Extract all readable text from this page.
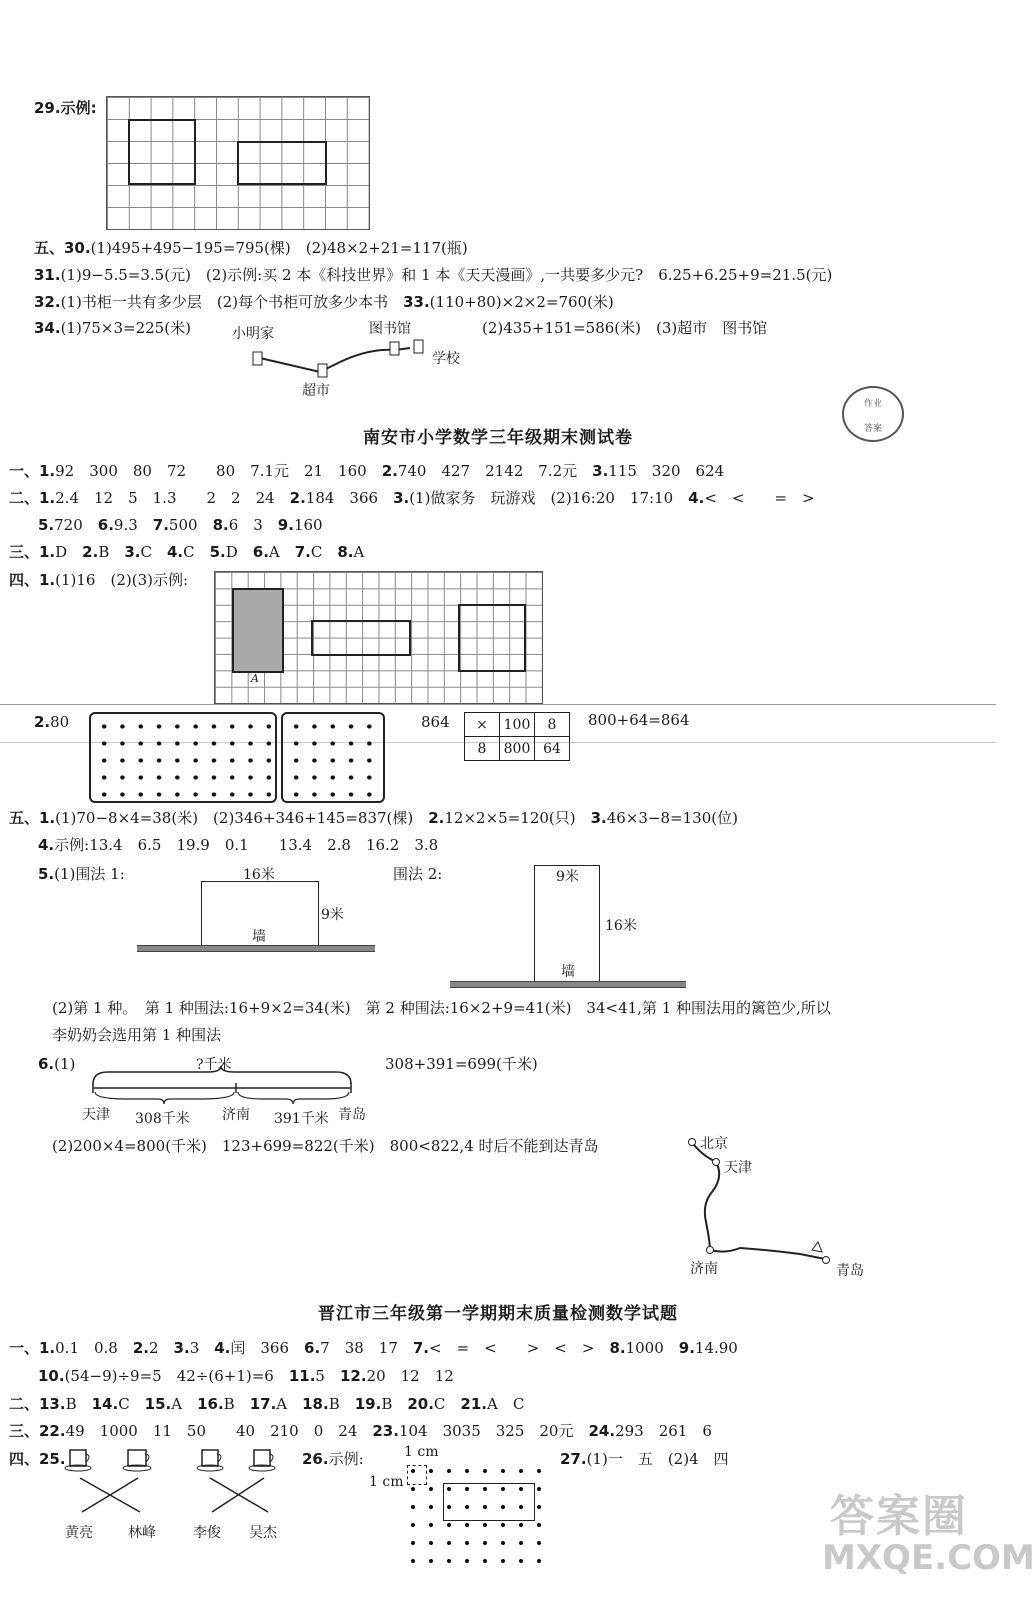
29.示例:
五、30.(1)495+495−195=795(棵)　(2)48×2+21=117(瓶)
31.(1)9−5.5=3.5(元)　(2)示例:买 2 本《科技世界》和 1 本《天天漫画》,一共要多少元?　6.25+6.25+9=21.5(元)
32.(1)书柜一共有多少层　(2)每个书柜可放多少本书　 33.(110+80)×2×2=760(米)
34.(1)75×3=225(米)	(2)435+151=586(米)　(3)超市　图书馆
小明家	图书馆
学校
超市
作业
答案
南安市小学数学三年级期末测试卷
一、1.92　300　80　72　　80　7.1元　21　160　2.740　427　2142　7.2元　3.115　320　624
二、1.2.4　12　5　1.3　　2　2　24　2.184　366　3.(1)做家务　玩游戏　(2)16:20　17:10　4.<　<　　=　>
5.720　6.9.3　7.500　8.6　3　9.160
三、1.D　2.B　3.C　4.C　5.D　6.A　7.C　8.A
四、1.(1)16　(2)(3)示例:
A
2.80	864 ×	100	8
8	800	64
800+64=864
五、1.(1)70−8×4=38(米)　(2)346+346+145=837(棵)　2.12×2×5=120(只)　3.46×3−8=130(位)
4.示例:13.4　6.5　19.9　0.1　　13.4　2.8　16.2　3.8
5.(1)围法 1:	围法 2:
16米
9米
墙
9米
16米
墙
(2)第 1 种。　第 1 种围法:16+9×2=34(米)　第 2 种围法:16×2+9=41(米)　34<41,第 1 种围法用的篱笆少,所以
李奶奶会选用第 1 种围法
6.(1)	308+391=699(千米)
?千米
天津 308千米 济南 391千米 青岛
(2)200×4=800(千米)　123+699=822(千米)　800<822,4 时后不能到达青岛	北京
天津
济南	青岛
晋江市三年级第一学期期末质量检测数学试题
一、1.0.1　0.8　2.2　3.3　4.闰　366　6.7　38　17　7.<　=　<　　>　<　>　8.1000　9.14.90
10.(54−9)÷9=5　42÷(6+1)=6　11.5　12.20　12　12
二、13.B　14.C　15.A　16.B　17.A　18.B　19.B　20.C　21.A　C
三、22.49　1000　11　50　　40　210　0　24　23.104　3035　325　20元　24.293　261　6
四、25.
黄亮	林峰	李俊 吴杰
26.示例:	1 cm
1 cm
27.(1)一　五　(2)4　四
答案圈
MXQE.COM
